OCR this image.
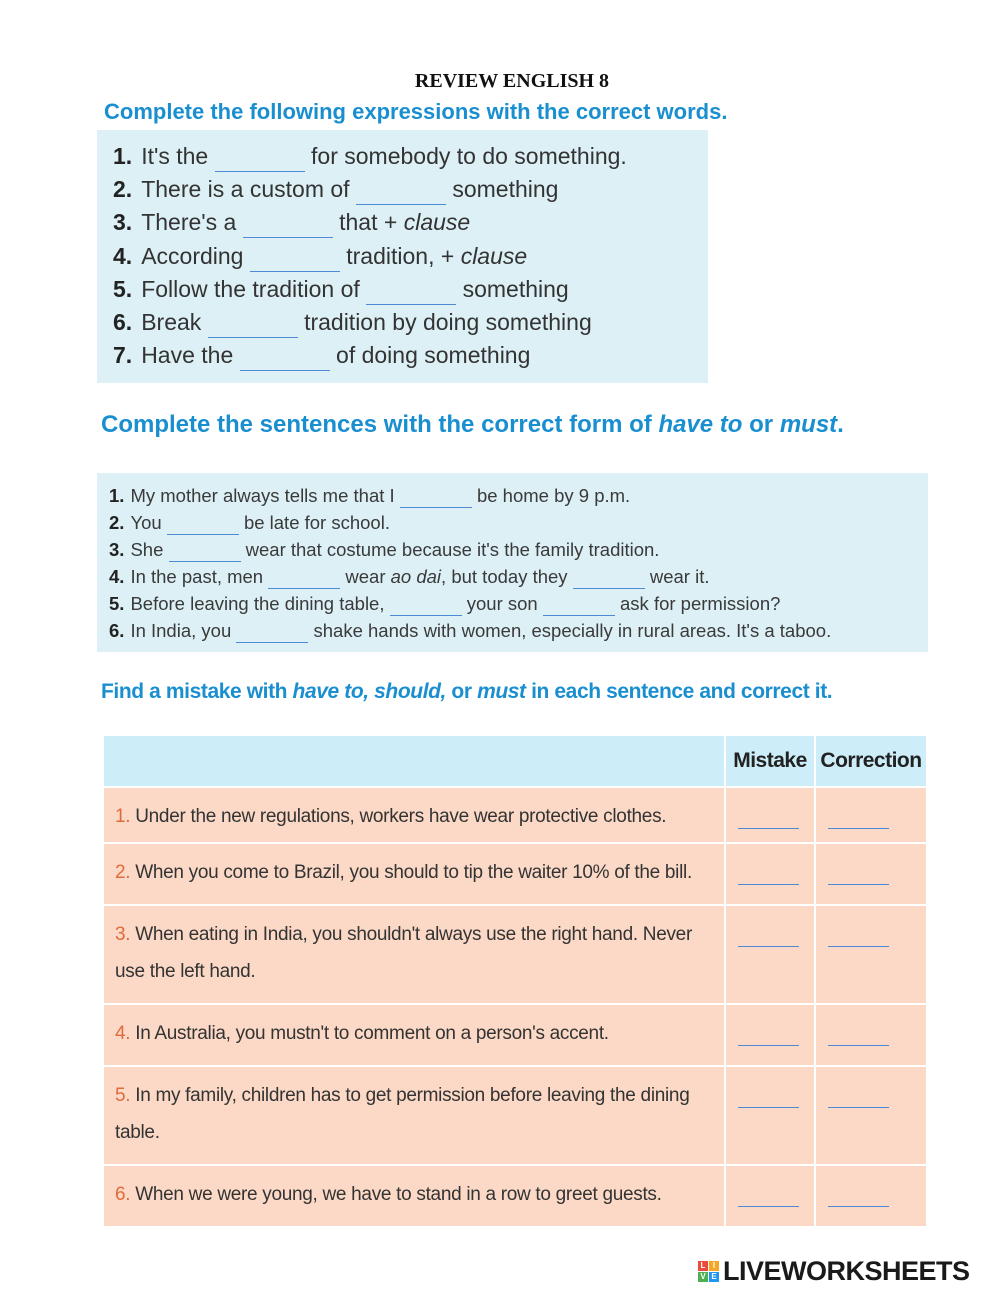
REVIEW ENGLISH 8
Complete the following expressions with the correct words.
1. It's the	for somebody to do something.
2. There is a custom of	something
3. There's a	that + clause
4. According	tradition, + clause
5. Follow the tradition of	something
6. Break	tradition by doing something
7. Have the	of doing something
Complete the sentences with the correct form of have to or must.
1. My mother always tells me that I	be home by 9 p.m.
2. You	be late for school.
3. She	wear that costume because it's the family tradition.
4. In the past, men	wear ao dai, but today they	wear it.
5. Before leaving the dining table,	your son	ask for permission?
6. In India, you	shake hands with women, especially in rural areas. It's a taboo.
Find a mistake with have to, should, or must in each sentence and correct it.
	Mistake	Correction
1. Under the new regulations, workers have wear protective clothes.	

2. When you come to Brazil, you should to tip the waiter 10% of the bill.	

3. When eating in India, you shouldn't always use the right hand. Never use the left hand.	

4. In Australia, you mustn't to comment on a person's accent.	

5. In my family, children has to get permission before leaving the dining table.	

6. When we were young, we have to stand in a row to greet guests.	

L I
V E LIVEWORKSHEETS
